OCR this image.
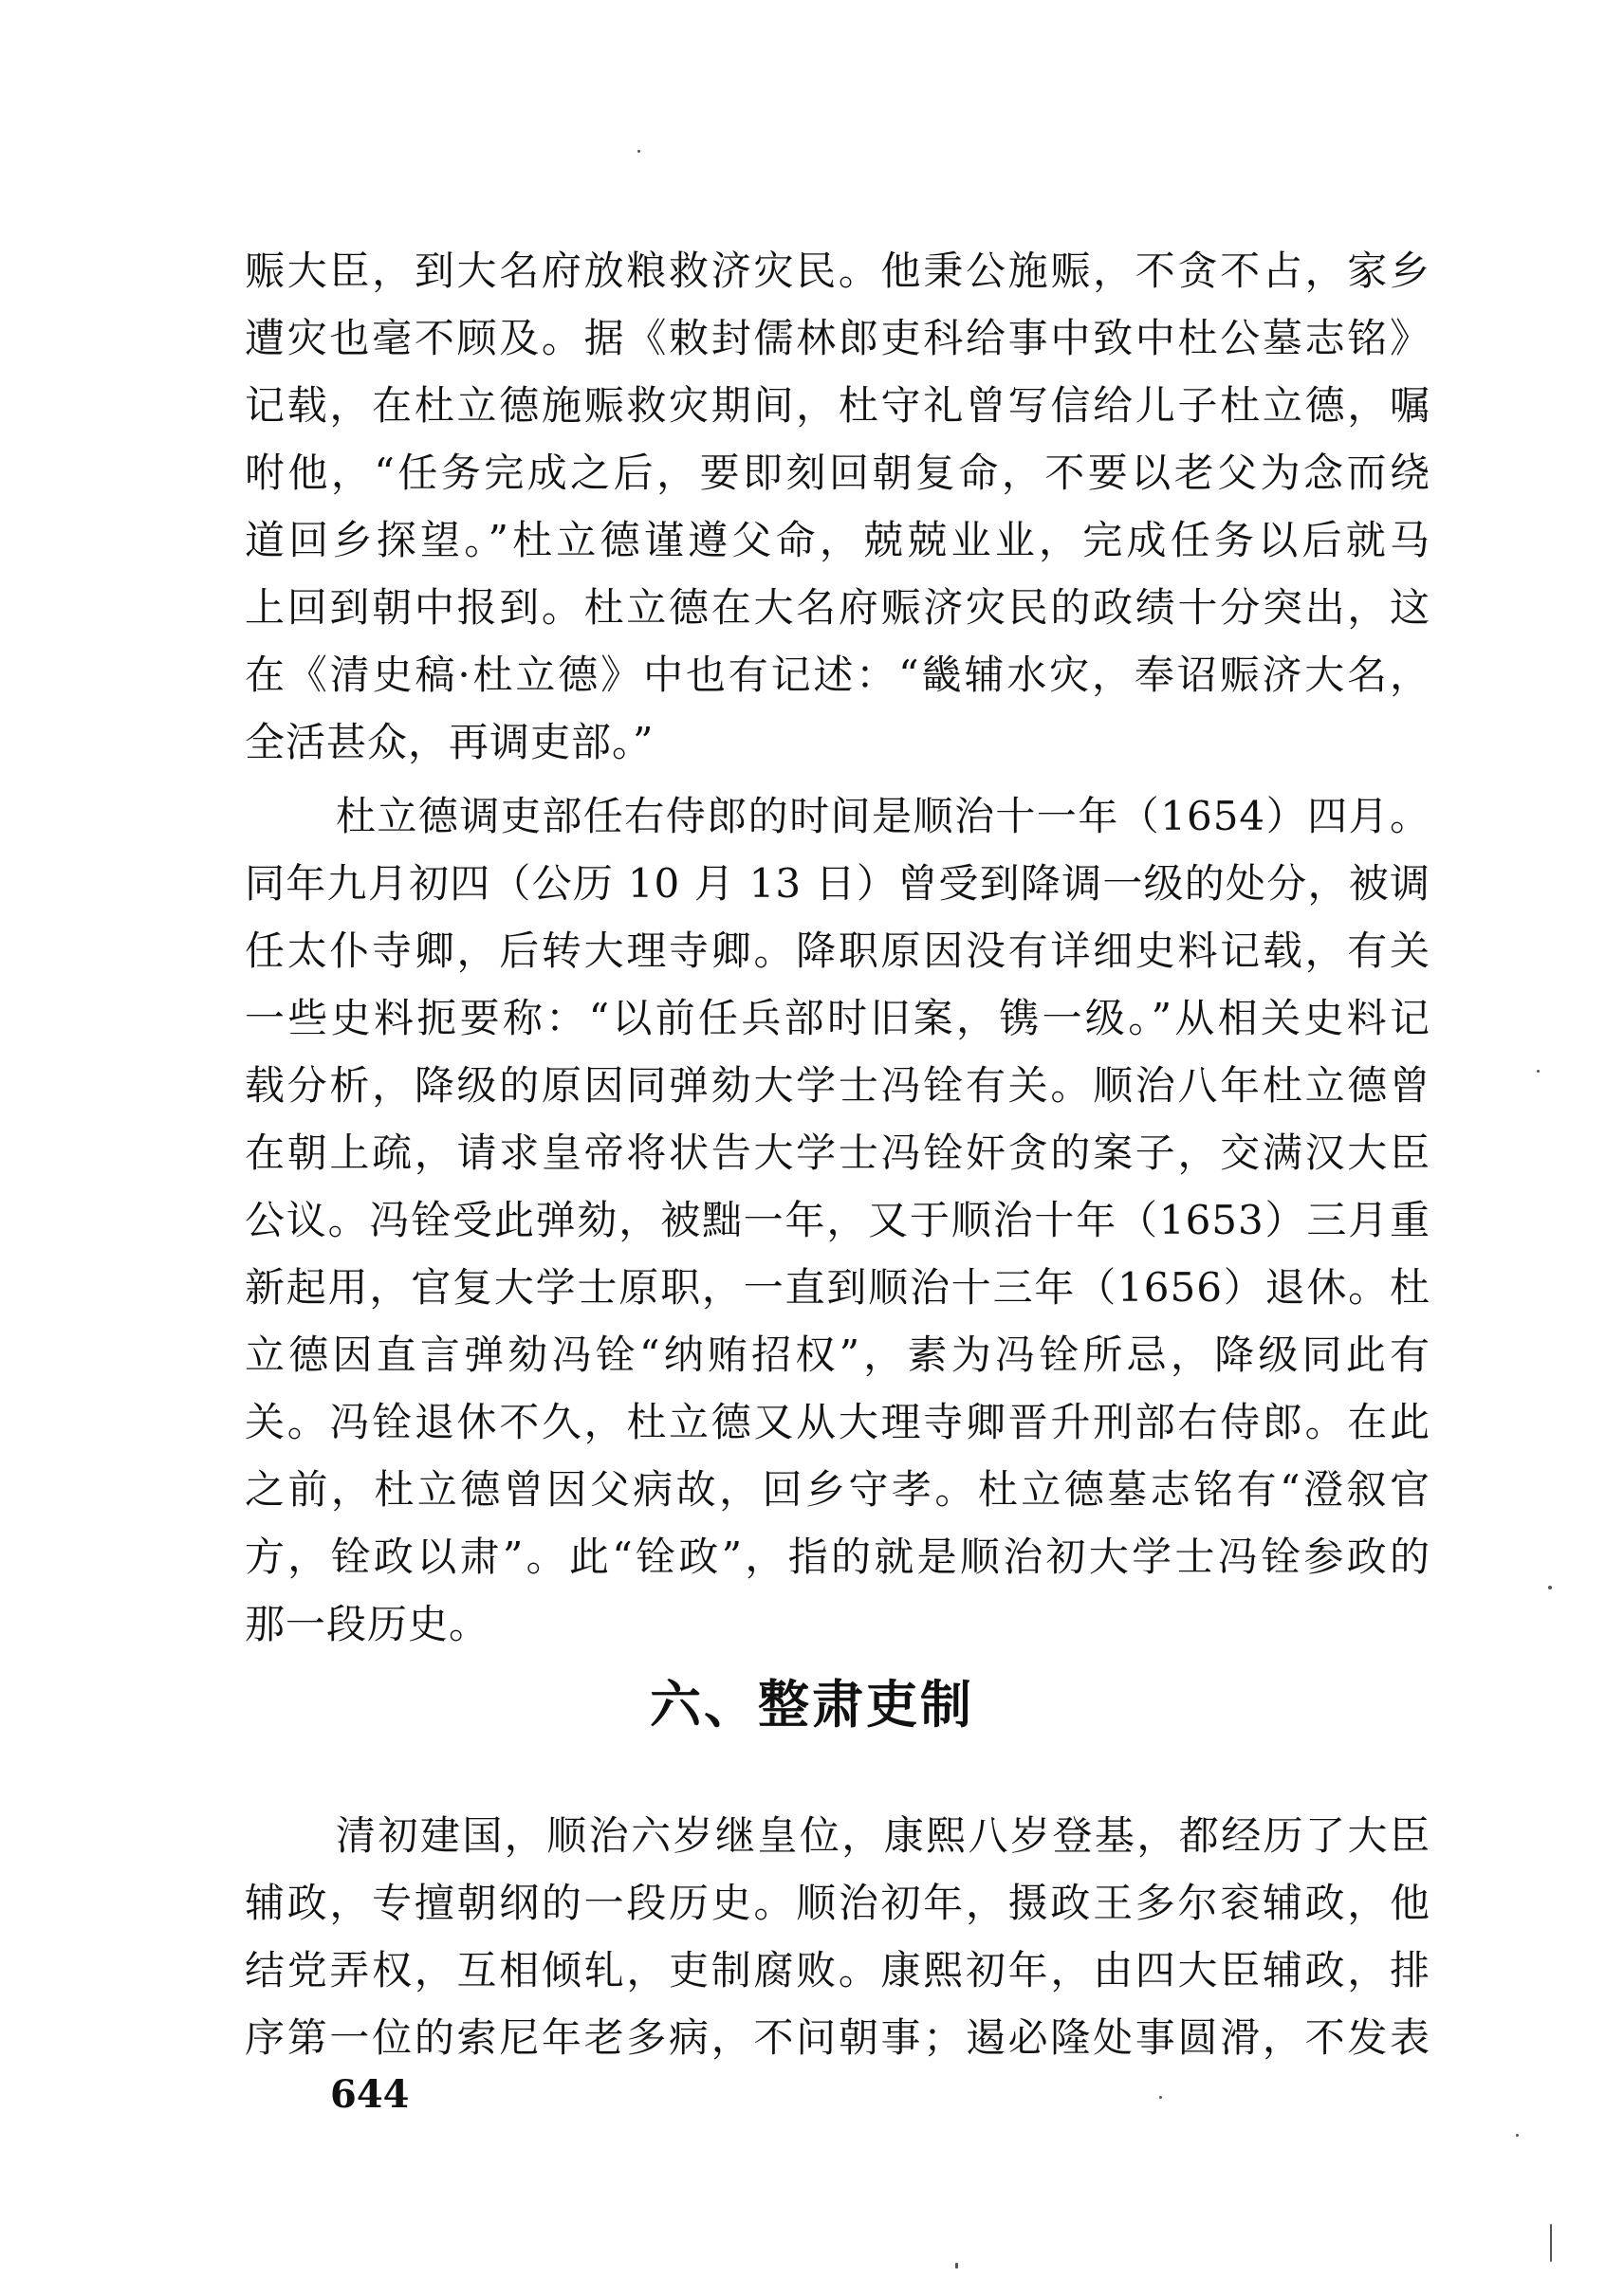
赈大臣，到大名府放粮救济灾民。他秉公施赈，不贪不占，家乡
遭灾也毫不顾及。据《敕封儒林郎吏科给事中致中杜公墓志铭》
记载，在杜立德施赈救灾期间，杜守礼曾写信给儿子杜立德，嘱
咐他，“任务完成之后，要即刻回朝复命，不要以老父为念而绕
道回乡探望。”杜立德谨遵父命，兢兢业业，完成任务以后就马
上回到朝中报到。杜立德在大名府赈济灾民的政绩十分突出，这
在《清史稿·杜立德》中也有记述：“畿辅水灾，奉诏赈济大名，
全活甚众，再调吏部。”
杜立德调吏部任右侍郎的时间是顺治十一年（1654）四月。
同年九月初四（公历 10 月 13 日）曾受到降调一级的处分，被调
任太仆寺卿，后转大理寺卿。降职原因没有详细史料记载，有关
一些史料扼要称：“以前任兵部时旧案，镌一级。”从相关史料记
载分析，降级的原因同弹劾大学士冯铨有关。顺治八年杜立德曾
在朝上疏，请求皇帝将状告大学士冯铨奸贪的案子，交满汉大臣
公议。冯铨受此弹劾，被黜一年，又于顺治十年（1653）三月重
新起用，官复大学士原职，一直到顺治十三年（1656）退休。杜
立德因直言弹劾冯铨“纳贿招权”，素为冯铨所忌，降级同此有
关。冯铨退休不久，杜立德又从大理寺卿晋升刑部右侍郎。在此
之前，杜立德曾因父病故，回乡守孝。杜立德墓志铭有“澄叙官
方，铨政以肃”。此“铨政”，指的就是顺治初大学士冯铨参政的
那一段历史。
六、整肃吏制
清初建国，顺治六岁继皇位，康熙八岁登基，都经历了大臣
辅政，专擅朝纲的一段历史。顺治初年，摄政王多尔衮辅政，他
结党弄权，互相倾轧，吏制腐败。康熙初年，由四大臣辅政，排
序第一位的索尼年老多病，不问朝事；遏必隆处事圆滑，不发表
644
